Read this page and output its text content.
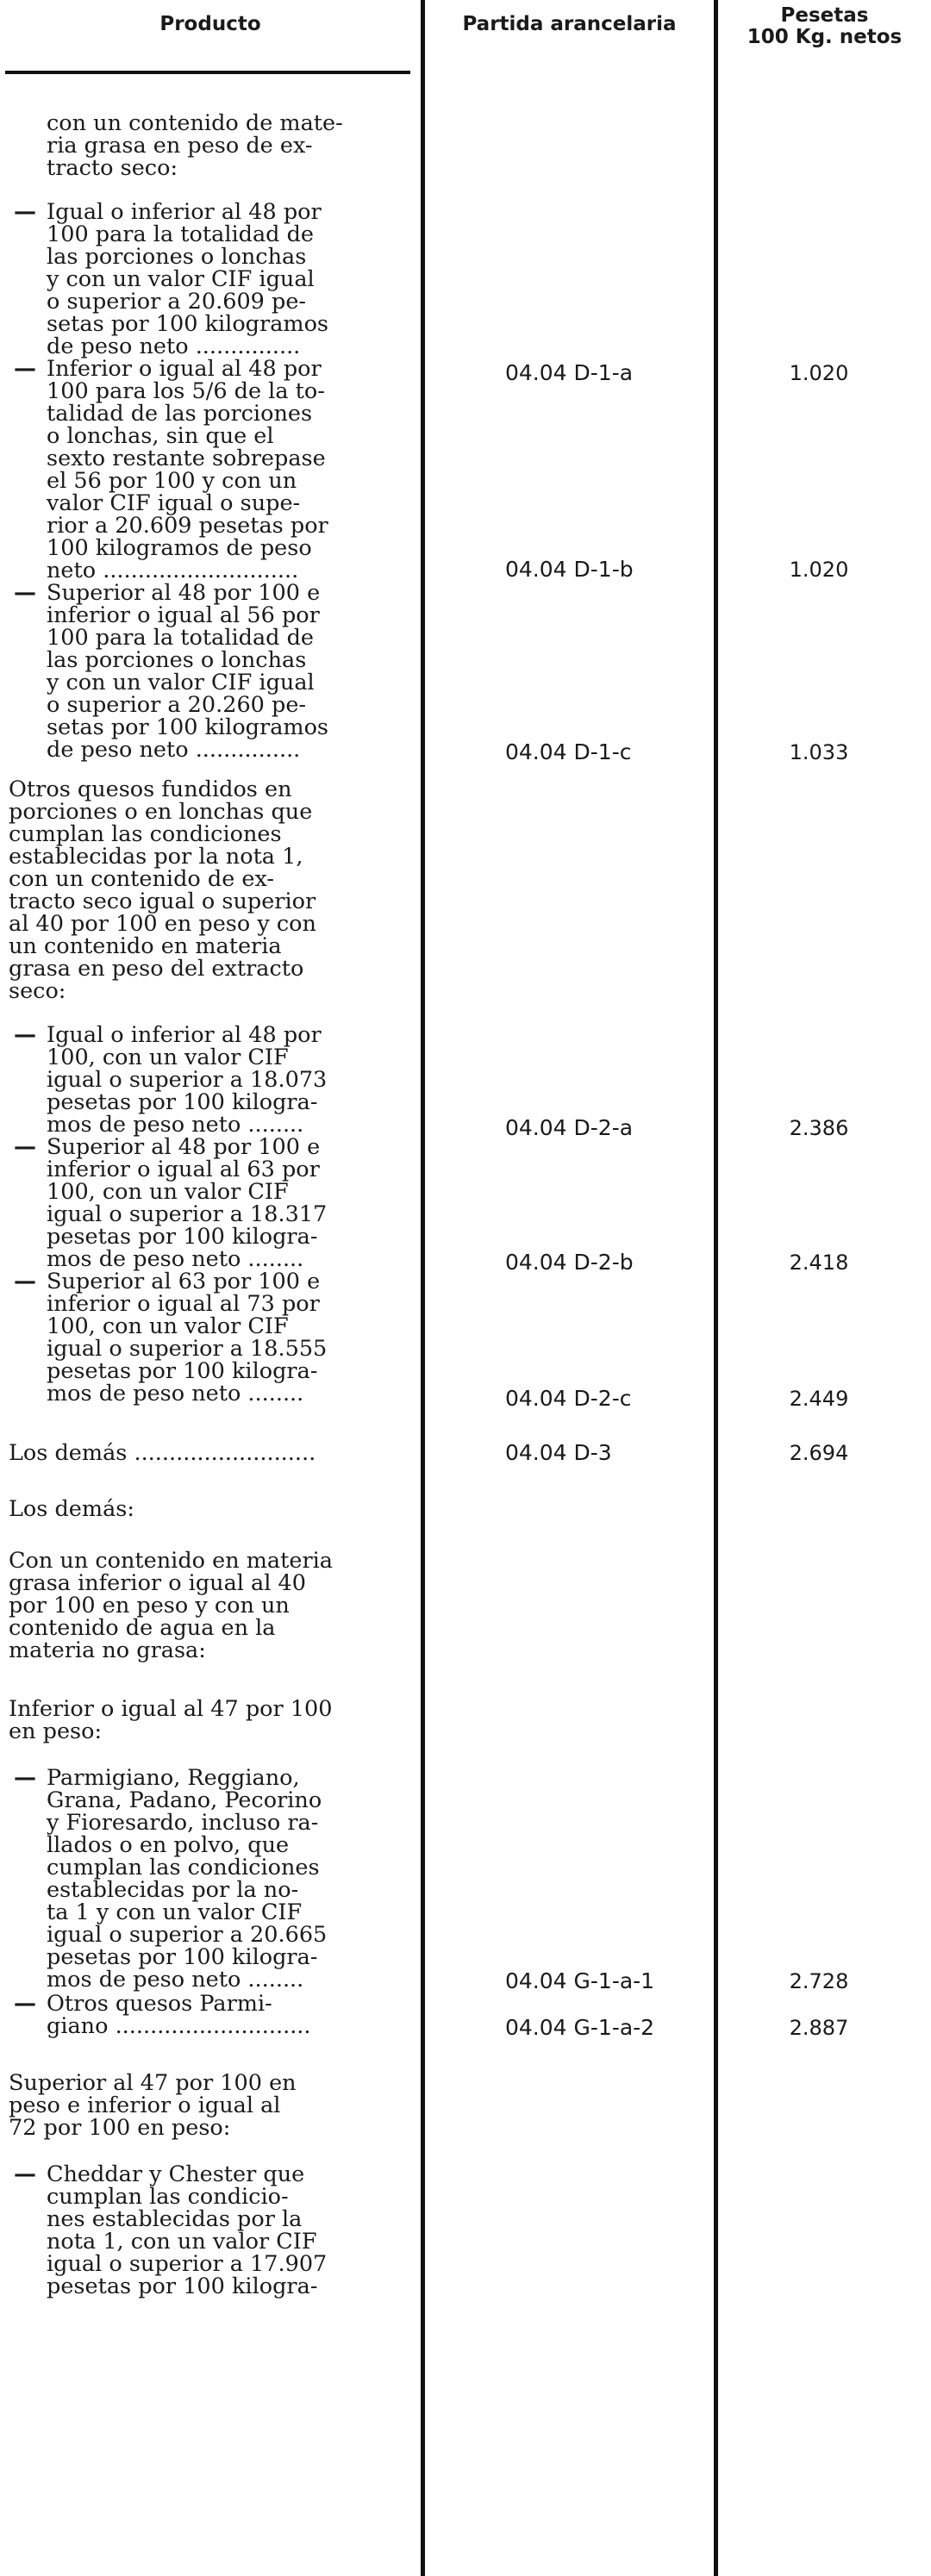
Producto	Partida arancelaria	Pesetas
100 Kg. netos

con un contenido de mate-
ria grasa en peso de ex-
tracto seco:

— Igual o inferior al 48 por
100 para la totalidad de
las porciones o lonchas
y con un valor CIF igual
o superior a 20.609 pe-
setas por 100 kilogramos
de peso neto ...............

04.04 D-1-a	1.020
— Inferior o igual al 48 por
100 para los 5/6 de la to-
talidad de las porciones
o lonchas, sin que el
sexto restante sobrepase
el 56 por 100 y con un
valor CIF igual o supe-
rior a 20.609 pesetas por
100 kilogramos de peso
neto ............................	04.04 D-1-b	1.020
— Superior al 48 por 100 e
inferior o igual al 56 por
100 para la totalidad de
las porciones o lonchas
y con un valor CIF igual
o superior a 20.260 pe-
setas por 100 kilogramos
de peso neto ...............	04.04 D-1-c	1.033

Otros quesos fundidos en
porciones o en lonchas que
cumplan las condiciones
establecidas por la nota 1,
con un contenido de ex-
tracto seco igual o superior
al 40 por 100 en peso y con
un contenido en materia
grasa en peso del extracto
seco:

— Igual o inferior al 48 por
100, con un valor CIF
igual o superior a 18.073
pesetas por 100 kilogra-
mos de peso neto ........	04.04 D-2-a	2.386
— Superior al 48 por 100 e
inferior o igual al 63 por
100, con un valor CIF
igual o superior a 18.317
pesetas por 100 kilogra-
mos de peso neto ........	04.04 D-2-b	2.418
— Superior al 63 por 100 e
inferior o igual al 73 por
100, con un valor CIF
igual o superior a 18.555
pesetas por 100 kilogra-
mos de peso neto ........	04.04 D-2-c	2.449

Los demás ..........................	04.04 D-3	2.694

Los demás:

Con un contenido en materia
grasa inferior o igual al 40
por 100 en peso y con un
contenido de agua en la
materia no grasa:

Inferior o igual al 47 por 100
en peso:

— Parmigiano, Reggiano,
Grana, Padano, Pecorino
y Fioresardo, incluso ra-
llados o en polvo, que
cumplan las condiciones
establecidas por la no-
ta 1 y con un valor CIF
igual o superior a 20.665
pesetas por 100 kilogra-
mos de peso neto ........	04.04 G-1-a-1	2.728
— Otros quesos Parmi-
giano ............................	04.04 G-1-a-2	2.887

Superior al 47 por 100 en
peso e inferior o igual al
72 por 100 en peso:

— Cheddar y Chester que
cumplan las condicio-
nes establecidas por la
nota 1, con un valor CIF
igual o superior a 17.907
pesetas por 100 kilogra-
